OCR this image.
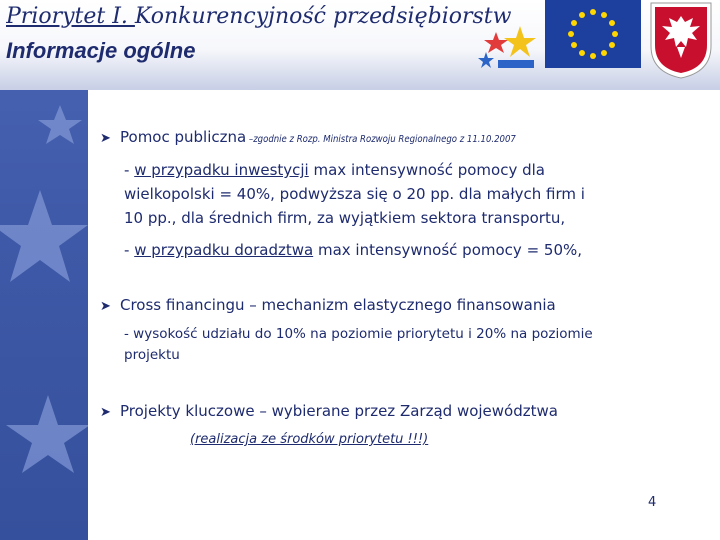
Priorytet I. Konkurencyjność przedsiębiorstw
Informacje ogólne
➤ Pomoc publiczna –zgodnie z Rozp. Ministra Rozwoju Regionalnego z 11.10.2007
- w przypadku inwestycji max intensywność pomocy dla
wielkopolski = 40%, podwyższa się o 20 pp. dla małych firm i
10 pp., dla średnich firm, za wyjątkiem sektora transportu,
- w przypadku doradztwa max intensywność pomocy = 50%,
➤ Cross financingu – mechanizm elastycznego finansowania
- wysokość udziału do 10% na poziomie priorytetu i 20% na poziomie
projektu
➤ Projekty kluczowe – wybierane przez Zarząd województwa
(realizacja ze środków priorytetu !!!)
4
